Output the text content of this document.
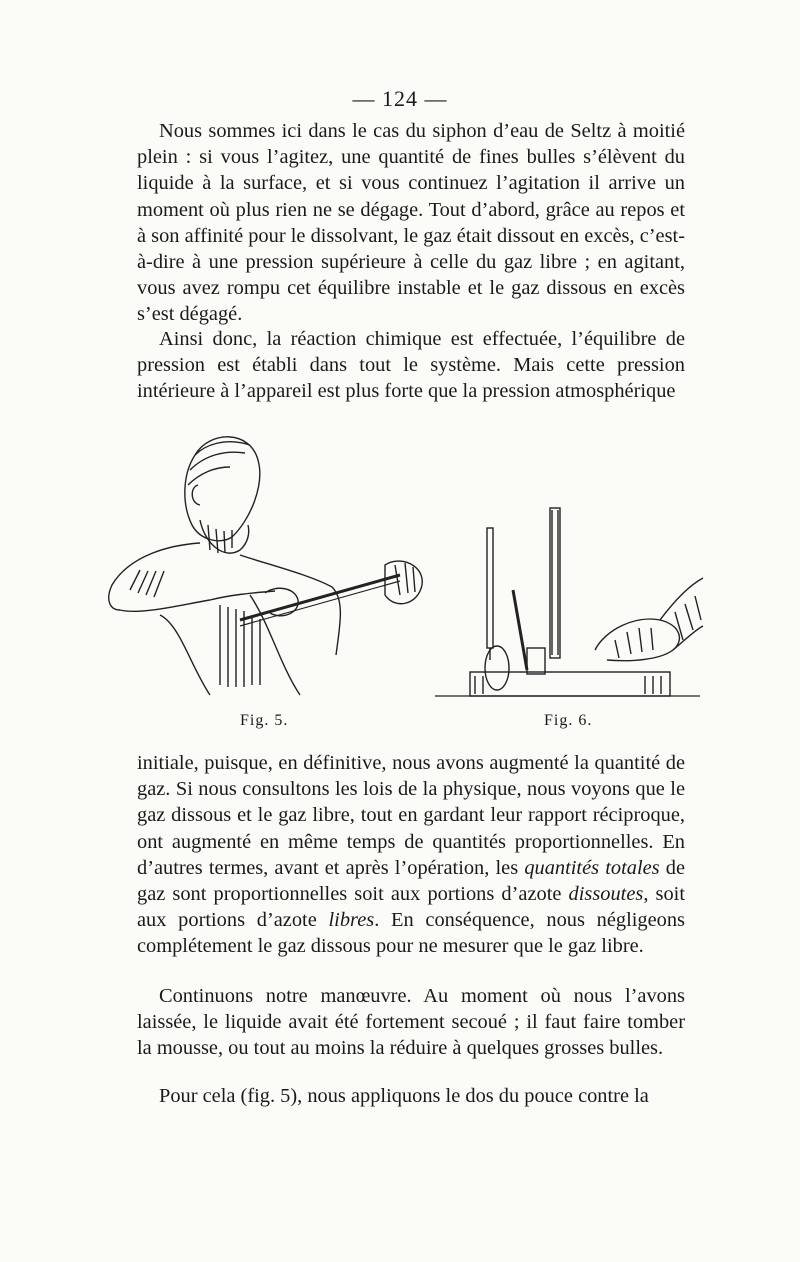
— 124 —

Nous sommes ici dans le cas du siphon d’eau de Seltz à moitié plein : si vous l’agitez, une quantité de fines bulles s’élèvent du liquide à la surface, et si vous continuez l’agitation il arrive un moment où plus rien ne se dégage. Tout d’abord, grâce au repos et à son affinité pour le dissolvant, le gaz était dissout en excès, c’est-à-dire à une pression supérieure à celle du gaz libre ; en agitant, vous avez rompu cet équilibre instable et le gaz dissous en excès s’est dégagé.

Ainsi donc, la réaction chimique est effectuée, l’équilibre de pression est établi dans tout le système. Mais cette pression intérieure à l’appareil est plus forte que la pression atmosphérique

Fig. 5.	Fig. 6.

initiale, puisque, en définitive, nous avons augmenté la quantité de gaz. Si nous consultons les lois de la physique, nous voyons que le gaz dissous et le gaz libre, tout en gardant leur rapport réciproque, ont augmenté en même temps de quantités proportionnelles. En d’autres termes, avant et après l’opération, les quantités totales de gaz sont proportionnelles soit aux portions d’azote dissoutes, soit aux portions d’azote libres. En conséquence, nous négligeons complétement le gaz dissous pour ne mesurer que le gaz libre.

Continuons notre manœuvre. Au moment où nous l’avons laissée, le liquide avait été fortement secoué ; il faut faire tomber la mousse, ou tout au moins la réduire à quelques grosses bulles.

Pour cela (fig. 5), nous appliquons le dos du pouce contre la
